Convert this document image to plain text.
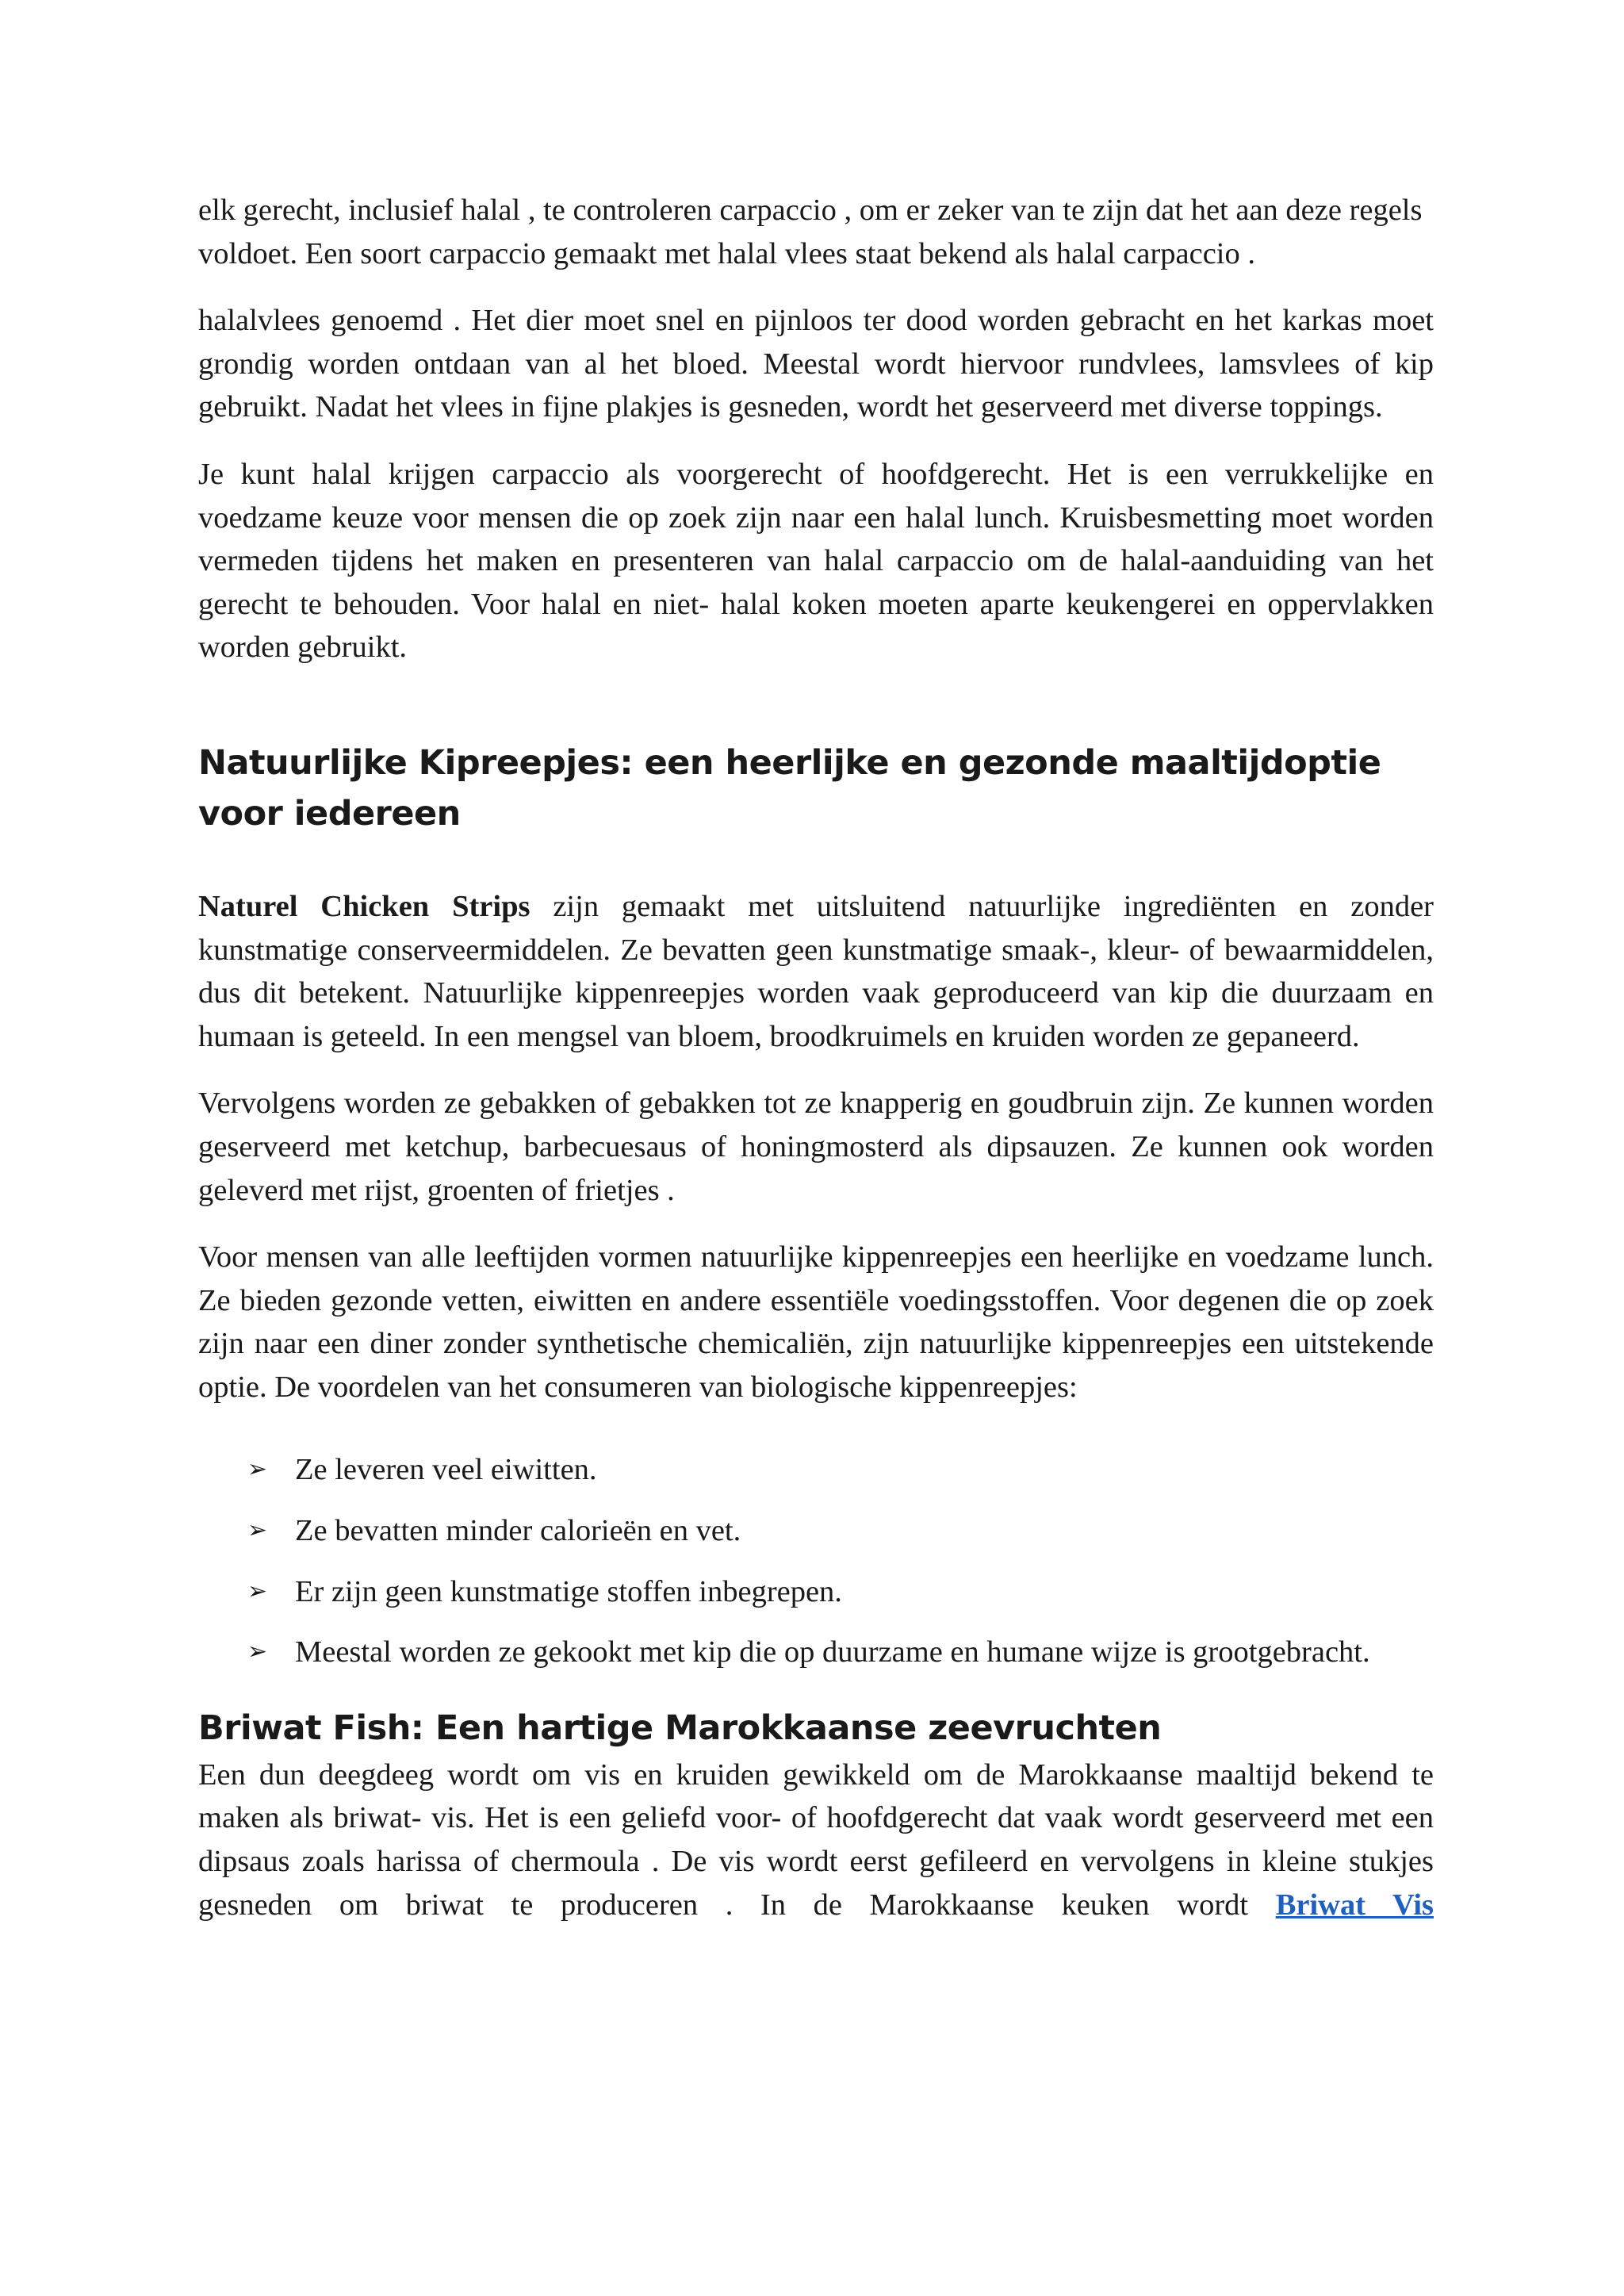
elk gerecht, inclusief halal , te controleren carpaccio , om er zeker van te zijn dat het aan deze regels voldoet. Een soort carpaccio gemaakt met halal vlees staat bekend als halal carpaccio .

halalvlees genoemd . Het dier moet snel en pijnloos ter dood worden gebracht en het karkas moet grondig worden ontdaan van al het bloed. Meestal wordt hiervoor rundvlees, lamsvlees of kip gebruikt. Nadat het vlees in fijne plakjes is gesneden, wordt het geserveerd met diverse toppings.

Je kunt halal krijgen carpaccio als voorgerecht of hoofdgerecht. Het is een verrukkelijke en voedzame keuze voor mensen die op zoek zijn naar een halal lunch. Kruisbesmetting moet worden vermeden tijdens het maken en presenteren van halal carpaccio om de halal-aanduiding van het gerecht te behouden. Voor halal en niet- halal koken moeten aparte keukengerei en oppervlakken worden gebruikt.

Natuurlijke Kipreepjes: een heerlijke en gezonde maaltijdoptie voor iedereen

Naturel Chicken Strips zijn gemaakt met uitsluitend natuurlijke ingrediënten en zonder kunstmatige conserveermiddelen. Ze bevatten geen kunstmatige smaak-, kleur- of bewaarmiddelen, dus dit betekent. Natuurlijke kippenreepjes worden vaak geproduceerd van kip die duurzaam en humaan is geteeld. In een mengsel van bloem, broodkruimels en kruiden worden ze gepaneerd.

Vervolgens worden ze gebakken of gebakken tot ze knapperig en goudbruin zijn. Ze kunnen worden geserveerd met ketchup, barbecuesaus of honingmosterd als dipsauzen. Ze kunnen ook worden geleverd met rijst, groenten of frietjes .

Voor mensen van alle leeftijden vormen natuurlijke kippenreepjes een heerlijke en voedzame lunch. Ze bieden gezonde vetten, eiwitten en andere essentiële voedingsstoffen. Voor degenen die op zoek zijn naar een diner zonder synthetische chemicaliën, zijn natuurlijke kippenreepjes een uitstekende optie. De voordelen van het consumeren van biologische kippenreepjes:

➢ Ze leveren veel eiwitten.
➢ Ze bevatten minder calorieën en vet.
➢ Er zijn geen kunstmatige stoffen inbegrepen.
➢ Meestal worden ze gekookt met kip die op duurzame en humane wijze is grootgebracht.
Briwat Fish: Een hartige Marokkaanse zeevruchten

Een dun deegdeeg wordt om vis en kruiden gewikkeld om de Marokkaanse maaltijd bekend te maken als briwat- vis. Het is een geliefd voor- of hoofdgerecht dat vaak wordt geserveerd met een dipsaus zoals harissa of chermoula . De vis wordt eerst gefileerd en vervolgens in kleine stukjes gesneden om briwat te produceren . In de Marokkaanse keuken wordt Briwat Vis
